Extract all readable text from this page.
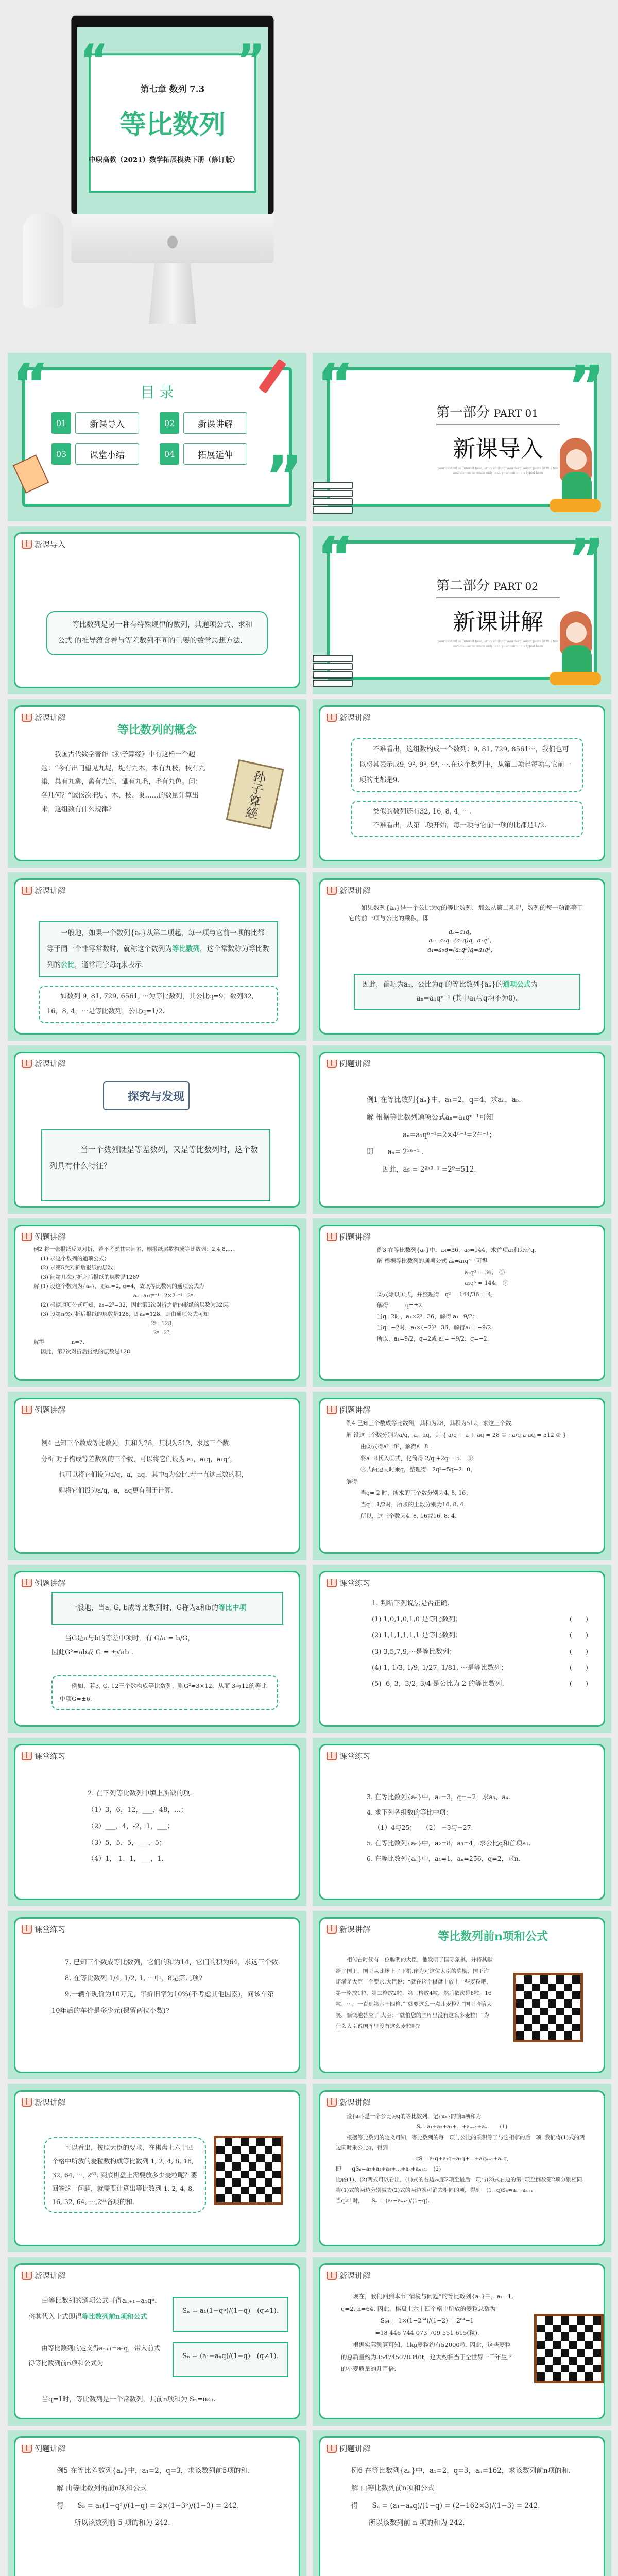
“ ”
第七章 数列 7.3
等比数列
中职高教（2021）数学拓展模块下册（修订版）
“
”
目 录
01	新课导入	02	新课讲解
03	课堂小结	04	拓展延伸
“	”
第一部分 PART 01
新课导入
your content is entered here, or by copying your text, select paste in this box and choose to retain only text. your content is typed here
新课导入
等比数列是另一种有特殊规律的数列，其通项公式、求和公式 的推导蕴含着与等差数列不同的重要的数学思想方法.
“	”
第二部分 PART 02
新课讲解
your content is entered here, or by copying your text, select paste in this box and choose to retain only text. your content is typed here
新课讲解
等比数列的概念
我国古代数学著作《孙子算经》中有这样一个趣题：“今有出门望见九堤，堤有九木，木有九枝，枝有九巢，巢有九禽，禽有九雏，雏有九毛，毛有九色。问：各几何？”试依次把堤、木、枝、巢……的数量计算出来，这组数有什么规律?	孙子算經
新课讲解
不难看出，这组数构成一个数列：9, 81, 729, 8561⋯，我们也可以将其表示成9, 9², 9³, 9⁴, ⋯.在这个数列中，从第二项起每项与它前一项的比都是9.
类似的数列还有32, 16, 8, 4, ⋯.
不难看出，从第二项开始，每一项与它前一项的比都是1/2.
新课讲解
一般地，如果一个数列{aₙ}从第二项起，每一项与它前一项的比都等于同一个非零常数时，就称这个数列为等比数列，这个常数称为等比数列的公比，通常用字母q来表示.
如数列 9, 81, 729, 6561, ⋯为等比数列，其公比q=9；数列32, 16，8, 4，⋯是等比数列，公比q=1/2.
新课讲解
如果数列{aₙ}是一个公比为q的等比数列，那么从第二项起，数列的每一项都等于它的前一项与公比的乘积，即
a₂=a₁q，
a₃=a₂q=(a₁q)q=a₁q²，
a₄=a₃q=(a₁q²)q=a₁q³，
……
因此，首项为a₁、公比为q 的等比数列{aₙ}的通项公式为
aₙ=a₁qⁿ⁻¹ (其中a₁与q均不为0).
新课讲解
探究与发现
当一个数列既是等差数列，又是等比数列时，这个数列具有什么特征？
例题讲解
例1 在等比数列{aₙ}中，a₁=2，q=4，求aₙ，a₅.
解 根据等比数列通项公式aₙ=a₁qⁿ⁻¹可知
aₙ=a₁qⁿ⁻¹=2×4ⁿ⁻¹=2²ⁿ⁻¹；
即　　aₙ= 2²ⁿ⁻¹ .
因此，a₅ = 2²ˣ⁵⁻¹ =2⁹=512.
例题讲解
例2 将一张报纸反复对折，若不考虑其它因素，则报纸层数构成等比数列：2,4,8,....
(1) 求这个数列的通项公式；
(2) 求第5次对折后报纸的层数；
(3) 问第几次对折之后报纸的层数是128?
解 (1) 设这个数列为{aₙ}，则a₁=2, q=4，故该等比数列的通项公式为
aₙ=a₁qⁿ⁻¹=2×2ⁿ⁻¹=2ⁿ.
(2) 根据通项公式可知，a₁=2⁵=32，因此第5次对折之后的报纸的层数为32层.
(3) 设第n次对折后报纸的层数是128，即aₙ=128，则由通项公式可知
2ⁿ=128，
2ⁿ=2⁷，
解得　　　　　n=7.
因此，第7次对折后报纸的层数是128.
例题讲解
例3 在等比数列{aₙ}中，a₄=36，a₆=144，求首项a₁和公比q.
解 根据等比数列的通项公式 aₙ=a₁qⁿ⁻¹可得
a₁q³ = 36,　①
a₁q⁵ = 144.　②
②式除以①式，并整理得　q² = 144/36 = 4,
解得　　　q=±2.
当q=2时，a₁×2³=36，解得 a₁=9/2；
当q=−2时，a₁×(−2)³=36，解得a₁= −9/2.
所以，a₁=9/2，q=2或 a₁= −9/2，q=−2.
例题讲解
例4 已知三个数成等比数列，其和为28，其积为512，求这三个数.
分析 对于构成等差数列的三个数，可以将它们设为 a₁，a₁q，a₁q²，
也可以将它们设为a/q，a，aq，其中q为公比.若一直这三数的积，
则将它们设为a/q，a，aq更有利于计算.
例题讲解
例4 已知三个数成等比数列，其和为28，其积为512，求这三个数.
解 设这三个数分别为a/q，a，aq，则 { a/q + a + aq = 28 ① ; a/q·a·aq = 512 ② }
由②式得a³=8³，解得a=8 .
将a=8代入①式，化简得 2/q +2q = 5.　③
③式两边同时乘q，整理得　2q²−5q+2=0，
解得
当q= 2 时，所求的三个数分别为4, 8, 16；
当q= 1/2时，所求的上数分别为16, 8, 4.
所以，这三个数为4, 8, 16或16, 8, 4.
例题讲解
一般地，当a, G, b成等比数列时，G称为a和b的等比中项
当G是a与b的等差中项时，有 G/a = b/G，
因此G²=ab或 G = ±√ab .
例如，若3, G, 12三个数构成等比数列，则G²=3×12，从而 3与12的等比中项G=±6.
课堂练习
1. 判断下列说法是否正确.
(1) 1,0,1,0,1,0 是等比数列；	(　　)
(2) 1,1,1,1,1,1 是等比数列；	(　　)
(3) 3,5,7,9,⋯是等比数列；	(　　)
(4) 1, 1/3, 1/9, 1/27, 1/81, ⋯是等比数列；	(　　)
(5) -6, 3, -3/2, 3/4 是公比为-2 的等比数列.	(　　)
课堂练习
2. 在下列等比数列中填上所缺的项.
（1）3，6，12，___，48，...；
（2）___，4，-2，1，___；
（3）5，5，5，___，5；
（4）1，-1，1，___，1.
课堂练习
3. 在等比数列{aₙ}中，a₁=3，q=−2，求a₃、a₄.
4. 求下列各组数的等比中项：
（1）4与25；　　（2） −3与−27.
5. 在等比数列{aₙ}中，a₂=8，a₃=4，求公比q和首项a₁.
6. 在等比数列{aₙ}中，a₁=1，aₙ=256，q=2，求n.
课堂练习
7. 已知三个数成等比数列，它们的和为14，它们的积为64，求这三个数.
8. 在等比数列 1/4, 1/2, 1, ⋯中，8是第几项?
9.一辆车现价为10万元，年折旧率为10%(不考虑其他因素)，问该车第10年后的车价是多少元(保留两位小数)?
新课讲解
等比数列前n项和公式
相传古时候有一位聪明的大臣，他发明了国际象棋，并将其献给了国王，国王从此迷上了下棋.作为对这位大臣的奖励，国王许诺满足大臣一个要求.大臣说：“就在这个棋盘上放上一些麦粒吧，第一格放1粒，第二格放2粒，第三格放4粒，然后依次是8粒，16粒，⋯，一直到第六十四格.”“就要这么一点儿麦粒？”国王哈哈大笑，慷慨地答应了.大臣：“就怕您的国库里没有这么多麦粒！”为什么大臣说国库里没有这么麦粒呢?
新课讲解
可以看出，按照大臣的要求，在棋盘上六十四个格中所放的麦粒数构成等比数列 1, 2, 4, 8, 16, 32, 64, ⋯, 2⁶³. 到底棋盘上需要放多少麦粒呢？要回答这一问题，就需要计算出等比数列 1, 2, 4, 8, 16, 32, 64, ⋯,2⁶³各项的和.
新课讲解
设{aₙ}是一个公比为q的等比数列，记{aₙ}的前n项和为
Sₙ=a₁+a₂+a₃+...+aₙ₋₁+aₙ.　　(1)
根据等比数列的定义可知，等比数列的每一项与公比的乘积等于与它相邻的后一项. 我们将(1)式的两边同时乘公比q，得到
qSₙ=a₁q+a₂q+a₃q+...+aqₙ₋₁+aₙq,
即　　qSₙ=a₂+a₃+a₄+...+aₙ+aₙ₊₁.　(2)
比较(1)、(2)两式可以看出，(1)式的右边从第2项至最后一项与(2)式右边的第1项至倒数第2项分别相同. 将(1)式的两边分别减去(2)式的两边就可消去相同的项，得到　(1−q)Sₙ=a₁−aₙ₊₁
当q≠1时，　　Sₙ = (a₁−aₙ₊₁)/(1−q).
新课讲解
由等比数列的通项公式可得aₙ₊₁=a₁qⁿ，将其代入上式即得等比数列前n项和公式
Sₙ = a₁(1−qⁿ)/(1−q)　(q≠1).
由等比数列的定义得aₙ₊₁=aₙq，带入前式得等比数列前n项和公式为
Sₙ = (a₁−aₙq)/(1−q)　(q≠1).
当q=1时，等比数列是一个常数列，其前n项和为 Sₙ=na₁.
新课讲解
现在，我们回到本节“情境与问题”的等比数列{aₙ}中，a₁=1, q=2, n=64. 因此，棋盘上六十四个格中所放的麦粒总数为
S₆₄ = 1×(1−2⁶⁴)/(1−2) = 2⁶⁴−1
=18 446 744 073 709 551 615(粒).
根据实际测算可知，1kg麦粒约有52000粒. 因此，这些麦粒的总质量约为354745078340t，这大约相当于全世界一千年生产的小麦质量的几百倍.
例题讲解
例5 在等比差数列{aₙ}中，a₁=2，q=3，求该数列前5项的和.
解 由等比数列的前n项和公式
得　　S₅ = a₁(1−q⁵)/(1−q) = 2×(1−3⁵)/(1−3) = 242.
所以该数列前 5 项的和为 242.
例题讲解
例6 在等比数列{aₙ}中，a₁=2，q=3，aₙ=162，求该数列前n项的和.
解 由等比数列前n项和公式
得　　Sₙ = (a₁−aₙq)/(1−q) = (2−162×3)/(1−3) = 242.
所以该数列前 n 项的和为 242.
